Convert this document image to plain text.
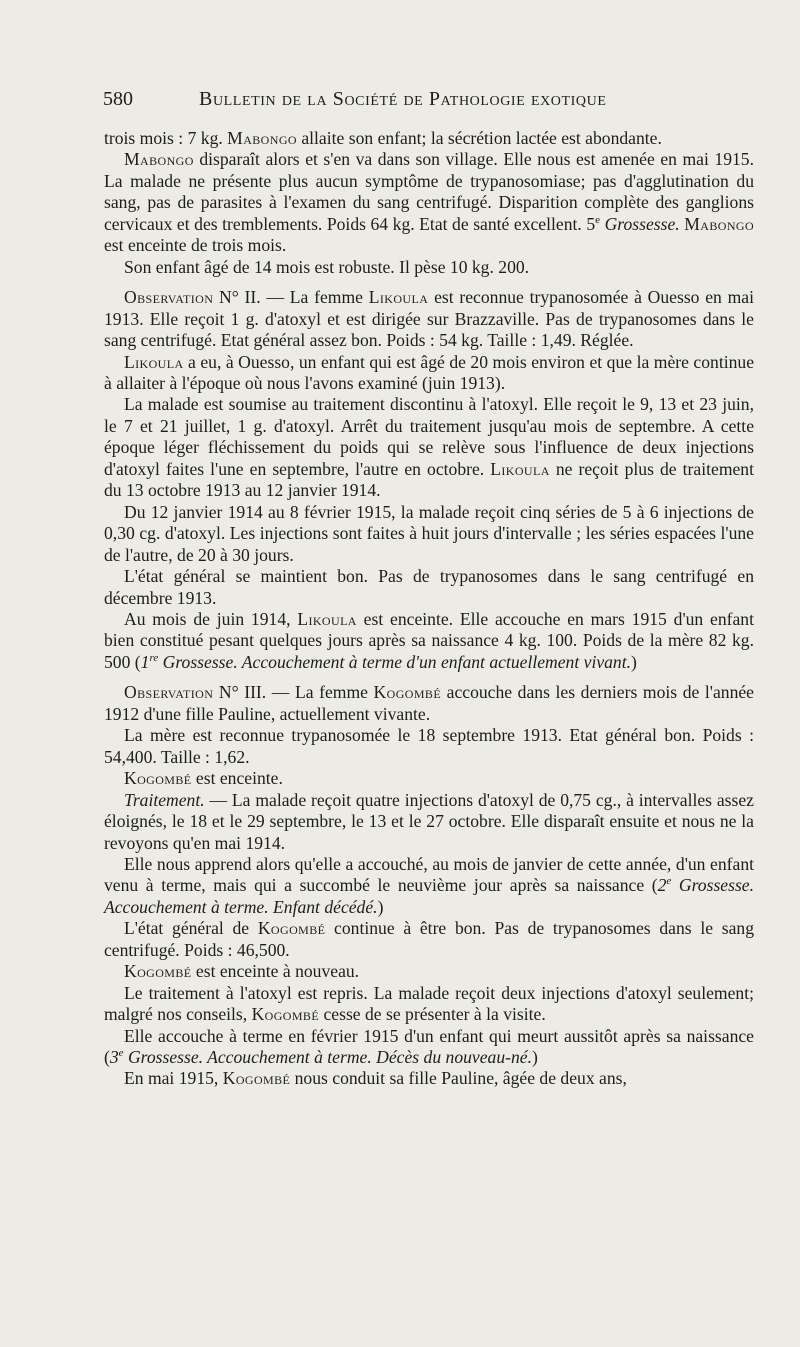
580	Bulletin de la Société de Pathologie exotique

trois mois : 7 kg. Mabongo allaite son enfant; la sécrétion lactée est abondante.

Mabongo disparaît alors et s'en va dans son village. Elle nous est amenée en mai 1915. La malade ne présente plus aucun symptôme de trypanosomiase; pas d'agglutination du sang, pas de parasites à l'examen du sang centrifugé. Disparition complète des ganglions cervicaux et des tremblements. Poids 64 kg. Etat de santé excellent. 5e Grossesse. Mabongo est enceinte de trois mois.

Son enfant âgé de 14 mois est robuste. Il pèse 10 kg. 200.

Observation N° II. — La femme Likoula est reconnue trypanosomée à Ouesso en mai 1913. Elle reçoit 1 g. d'atoxyl et est dirigée sur Brazzaville. Pas de trypanosomes dans le sang centrifugé. Etat général assez bon. Poids : 54 kg. Taille : 1,49. Réglée.

Likoula a eu, à Ouesso, un enfant qui est âgé de 20 mois environ et que la mère continue à allaiter à l'époque où nous l'avons examiné (juin 1913).

La malade est soumise au traitement discontinu à l'atoxyl. Elle reçoit le 9, 13 et 23 juin, le 7 et 21 juillet, 1 g. d'atoxyl. Arrêt du traitement jusqu'au mois de septembre. A cette époque léger fléchissement du poids qui se relève sous l'influence de deux injections d'atoxyl faites l'une en septembre, l'autre en octobre. Likoula ne reçoit plus de traitement du 13 octobre 1913 au 12 janvier 1914.

Du 12 janvier 1914 au 8 février 1915, la malade reçoit cinq séries de 5 à 6 injections de 0,30 cg. d'atoxyl. Les injections sont faites à huit jours d'intervalle ; les séries espacées l'une de l'autre, de 20 à 30 jours.

L'état général se maintient bon. Pas de trypanosomes dans le sang centrifugé en décembre 1913.

Au mois de juin 1914, Likoula est enceinte. Elle accouche en mars 1915 d'un enfant bien constitué pesant quelques jours après sa naissance 4 kg. 100. Poids de la mère 82 kg. 500 (1re Grossesse. Accouchement à terme d'un enfant actuellement vivant.)

Observation N° III. — La femme Kogombé accouche dans les derniers mois de l'année 1912 d'une fille Pauline, actuellement vivante.

La mère est reconnue trypanosomée le 18 septembre 1913. Etat général bon. Poids : 54,400. Taille : 1,62.

Kogombé est enceinte.

Traitement. — La malade reçoit quatre injections d'atoxyl de 0,75 cg., à intervalles assez éloignés, le 18 et le 29 septembre, le 13 et le 27 octobre. Elle disparaît ensuite et nous ne la revoyons qu'en mai 1914.

Elle nous apprend alors qu'elle a accouché, au mois de janvier de cette année, d'un enfant venu à terme, mais qui a succombé le neuvième jour après sa naissance (2e Grossesse. Accouchement à terme. Enfant décédé.)

L'état général de Kogombé continue à être bon. Pas de trypanosomes dans le sang centrifugé. Poids : 46,500.

Kogombé est enceinte à nouveau.

Le traitement à l'atoxyl est repris. La malade reçoit deux injections d'atoxyl seulement; malgré nos conseils, Kogombé cesse de se présenter à la visite.

Elle accouche à terme en février 1915 d'un enfant qui meurt aussitôt après sa naissance (3e Grossesse. Accouchement à terme. Décès du nouveau-né.)

En mai 1915, Kogombé nous conduit sa fille Pauline, âgée de deux ans,
